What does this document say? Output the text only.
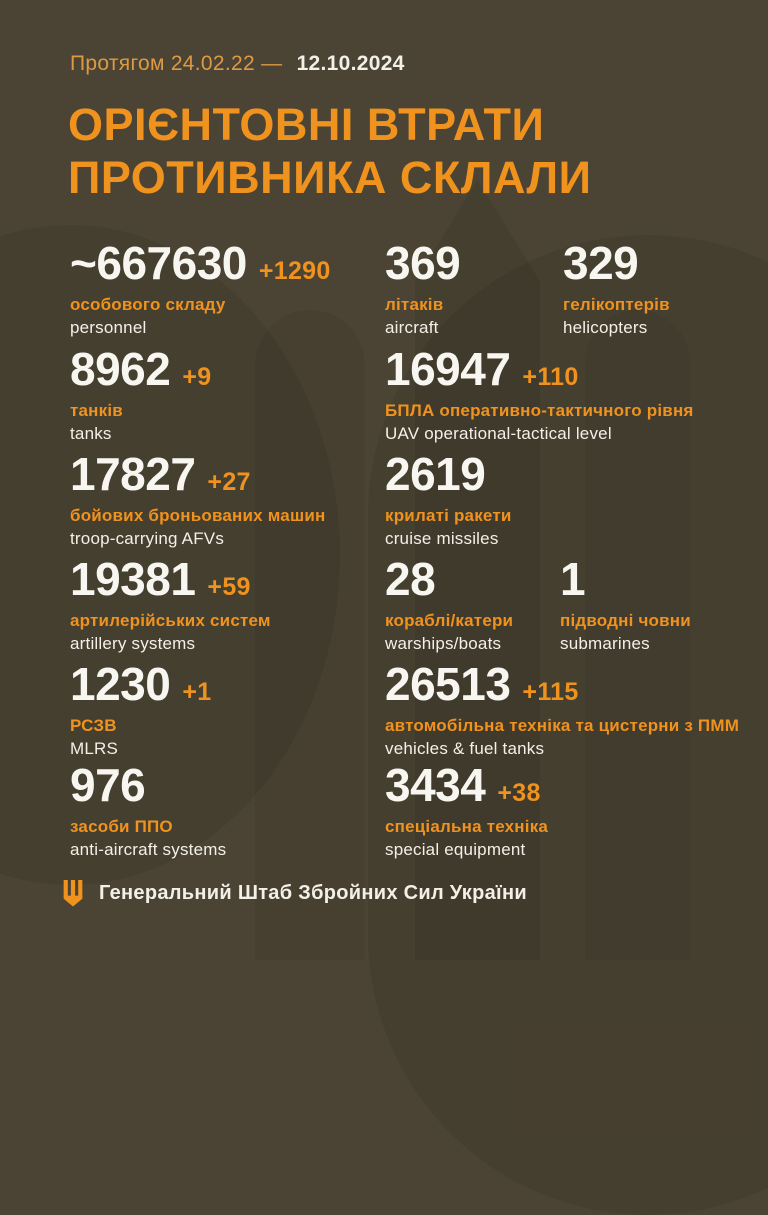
Протягом 24.02.22 — 12.10.2024
ОРІЄНТОВНІ ВТРАТИ
ПРОТИВНИКА СКЛАЛИ
~667630 +1290
особового складу
personnel
369
літаків
aircraft
329
гелікоптерів
helicopters
8962 +9
танків
tanks
16947 +110
БПЛА оперативно-тактичного рівня
UAV operational-tactical level
17827 +27
бойових броньованих машин
troop-carrying AFVs
2619
крилаті ракети
cruise missiles
19381 +59
артилерійських систем
artillery systems
28
кораблі/катери
warships/boats
1
підводні човни
submarines
1230 +1
РСЗВ
MLRS
26513 +115
автомобільна техніка та цистерни з ПММ
vehicles & fuel tanks
976
засоби ППО
anti-aircraft systems
3434 +38
спеціальна техніка
special equipment
Генеральний Штаб Збройних Сил України
